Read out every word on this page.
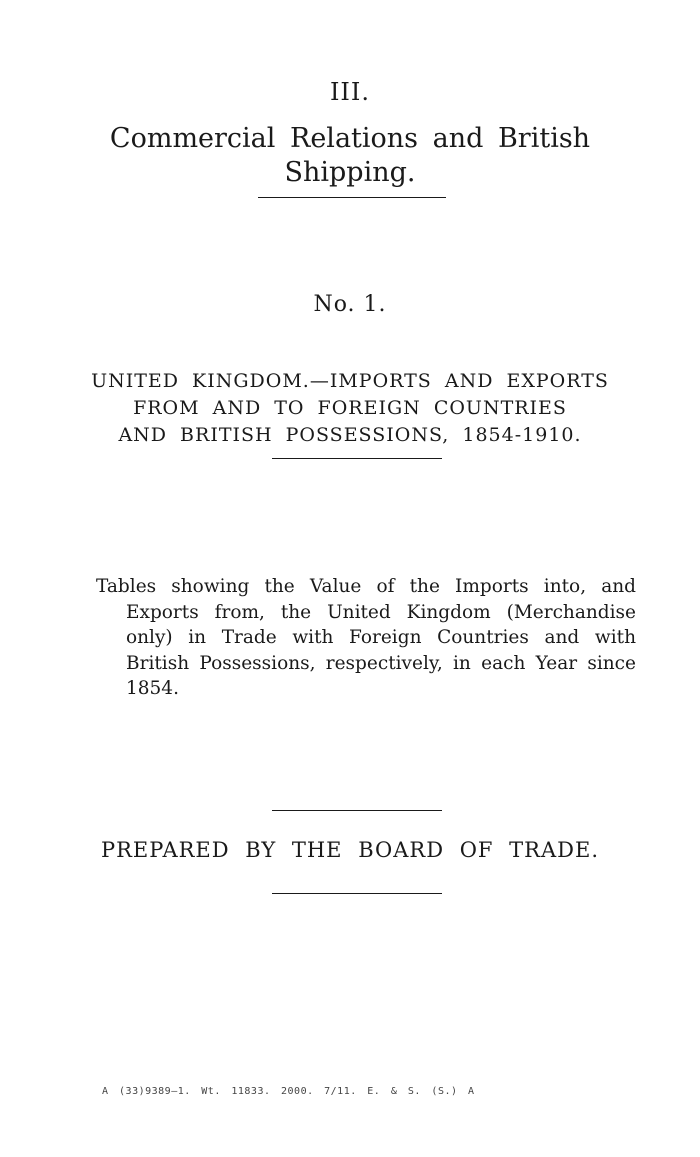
III.
Commercial Relations and British
Shipping.
No. 1.
UNITED KINGDOM.—IMPORTS AND EXPORTS
FROM AND TO FOREIGN COUNTRIES
AND BRITISH POSSESSIONS, 1854-1910.
Tables showing the Value of the Imports into, and Exports from, the United Kingdom (Merchandise only) in Trade with Foreign Countries and with British Possessions, respectively, in each Year since 1854.
PREPARED BY THE BOARD OF TRADE.
A (33)9389—1. Wt. 11833. 2000. 7/11. E. & S. (S.) A
